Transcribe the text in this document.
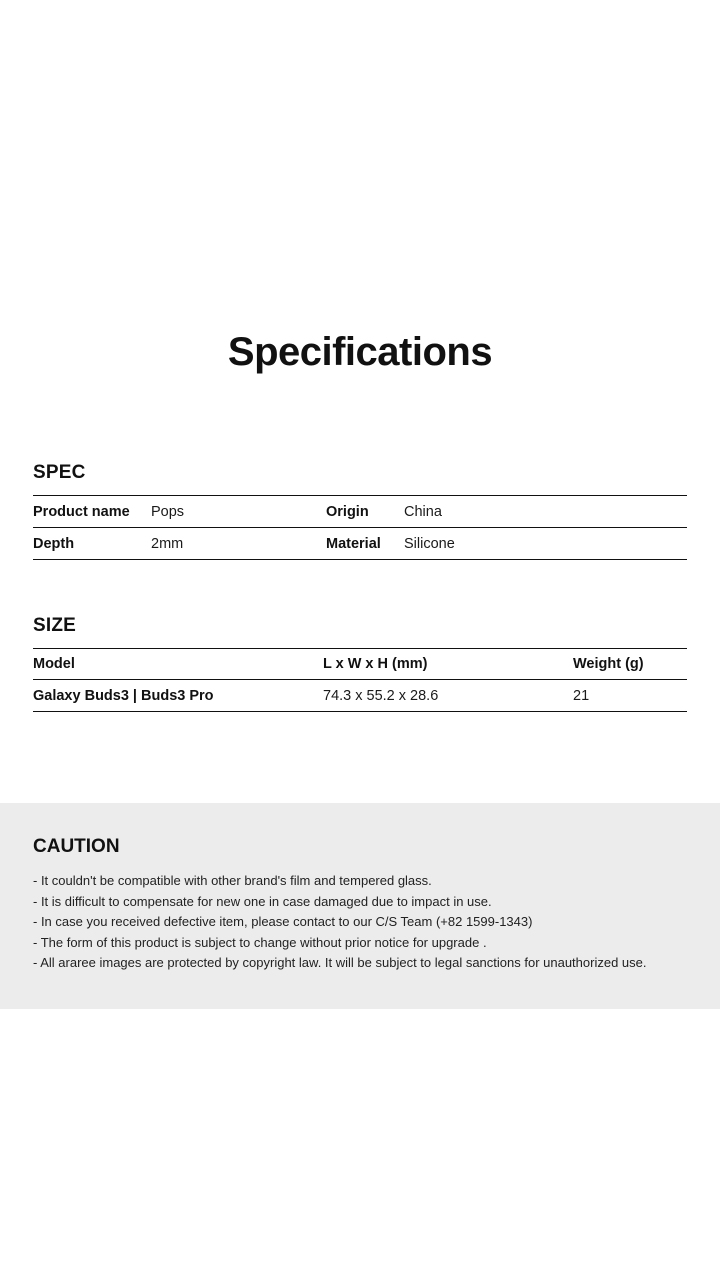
Specifications
SPEC
Product name	Pops	Origin	China
Depth	2mm	Material	Silicone
SIZE
Model	L x W x H (mm)	Weight (g)
Galaxy Buds3 | Buds3 Pro	74.3 x 55.2 x 28.6	21
CAUTION
- It couldn't be compatible with other brand's film and tempered glass.
- It is difficult to compensate for new one in case damaged due to impact in use.
- In case you received defective item, please contact to our C/S Team (+82 1599-1343)
- The form of this product is subject to change without prior notice for upgrade .
- All araree images are protected by copyright law. It will be subject to legal sanctions for unauthorized use.
